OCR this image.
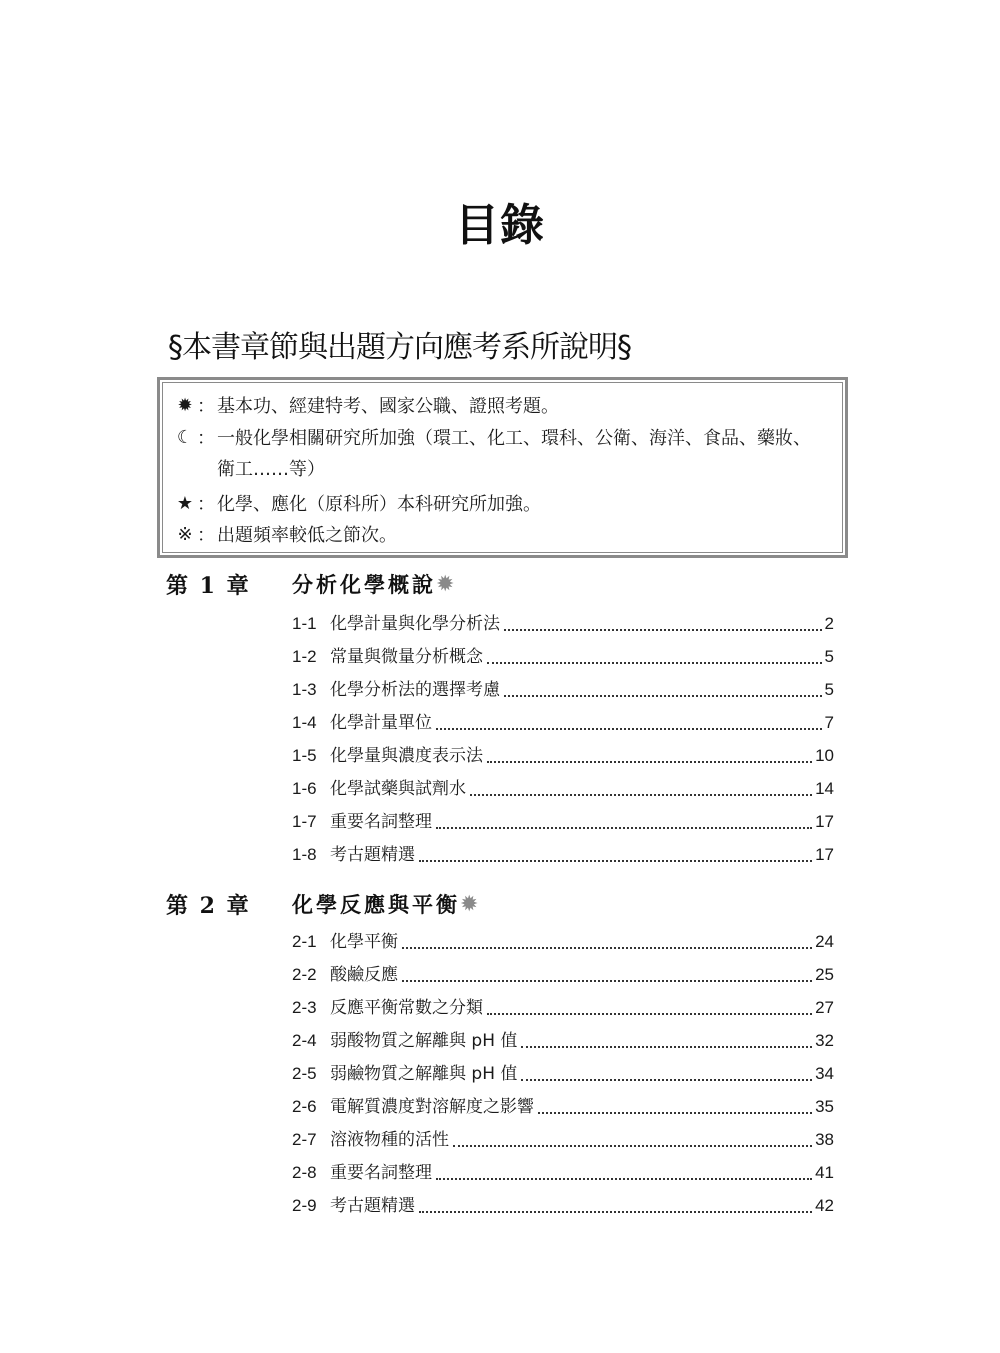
目錄
§本書章節與出題方向應考系所說明§
✹ ： 基本功、經建特考、國家公職、證照考題。
☾ ： 一般化學相關研究所加強（環工、化工、環科、公衛、海洋、食品、藥妝、
衛工……等）
★ ： 化學、應化（原科所）本科研究所加強。
※ ： 出題頻率較低之節次。
第 1 章	分析化學概說 ✹
1-1 化學計量與化學分析法	2
1-2 常量與微量分析概念	5
1-3 化學分析法的選擇考慮	5
1-4 化學計量單位	7
1-5 化學量與濃度表示法	10
1-6 化學試藥與試劑水	14
1-7 重要名詞整理	17
1-8 考古題精選	17
第 2 章	化學反應與平衡 ✹
2-1 化學平衡	24
2-2 酸鹼反應	25
2-3 反應平衡常數之分類	27
2-4 弱酸物質之解離與 pH 值	32
2-5 弱鹼物質之解離與 pH 值	34
2-6 電解質濃度對溶解度之影響	35
2-7 溶液物種的活性	38
2-8 重要名詞整理	41
2-9 考古題精選	42
